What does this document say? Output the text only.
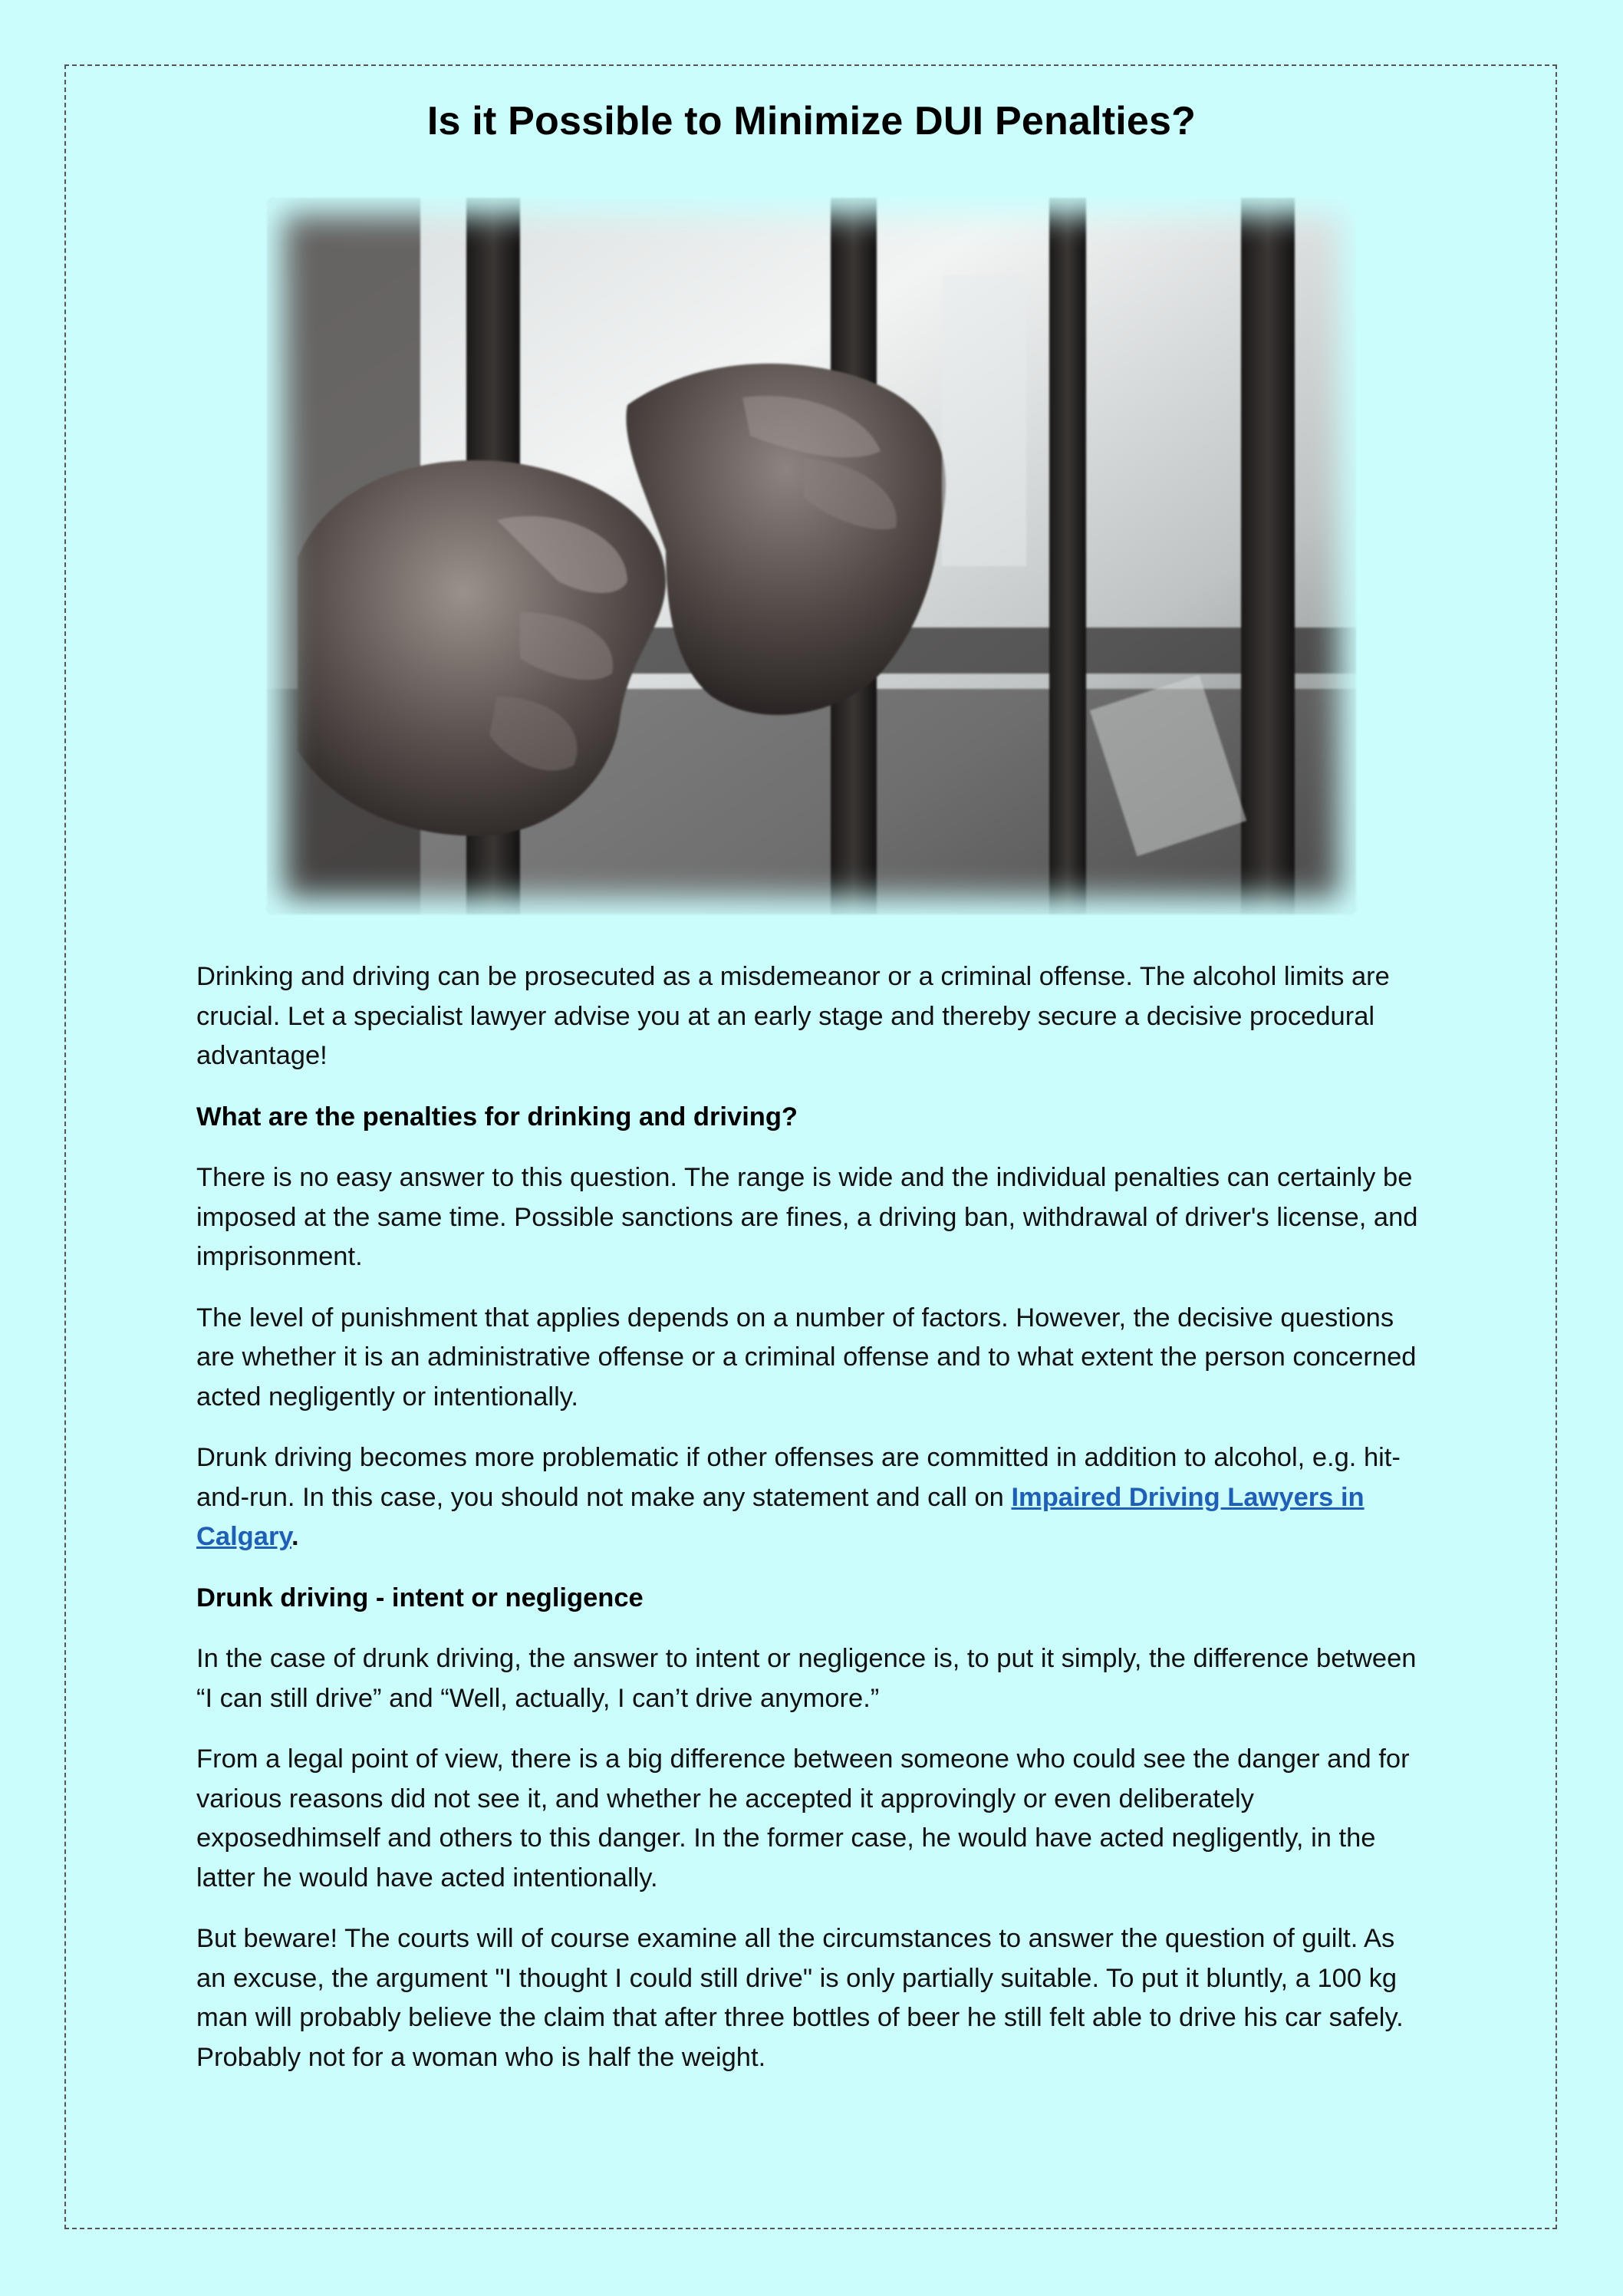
Is it Possible to Minimize DUI Penalties?

Drinking and driving can be prosecuted as a misdemeanor or a criminal offense. The alcohol limits are crucial. Let a specialist lawyer advise you at an early stage and thereby secure a decisive procedural advantage!

What are the penalties for drinking and driving?

There is no easy answer to this question. The range is wide and the individual penalties can certainly be imposed at the same time. Possible sanctions are fines, a driving ban, withdrawal of driver's license, and imprisonment.

The level of punishment that applies depends on a number of factors. However, the decisive questions are whether it is an administrative offense or a criminal offense and to what extent the person concerned acted negligently or intentionally.

Drunk driving becomes more problematic if other offenses are committed in addition to alcohol, e.g. hit-and-run. In this case, you should not make any statement and call on Impaired Driving Lawyers in Calgary.

Drunk driving - intent or negligence

In the case of drunk driving, the answer to intent or negligence is, to put it simply, the difference between “I can still drive” and “Well, actually, I can’t drive anymore.”

From a legal point of view, there is a big difference between someone who could see the danger and for various reasons did not see it, and whether he accepted it approvingly or even deliberately exposedhimself and others to this danger. In the former case, he would have acted negligently, in the latter he would have acted intentionally.

But beware! The courts will of course examine all the circumstances to answer the question of guilt. As an excuse, the argument "I thought I could still drive" is only partially suitable. To put it bluntly, a 100 kg man will probably believe the claim that after three bottles of beer he still felt able to drive his car safely. Probably not for a woman who is half the weight.
